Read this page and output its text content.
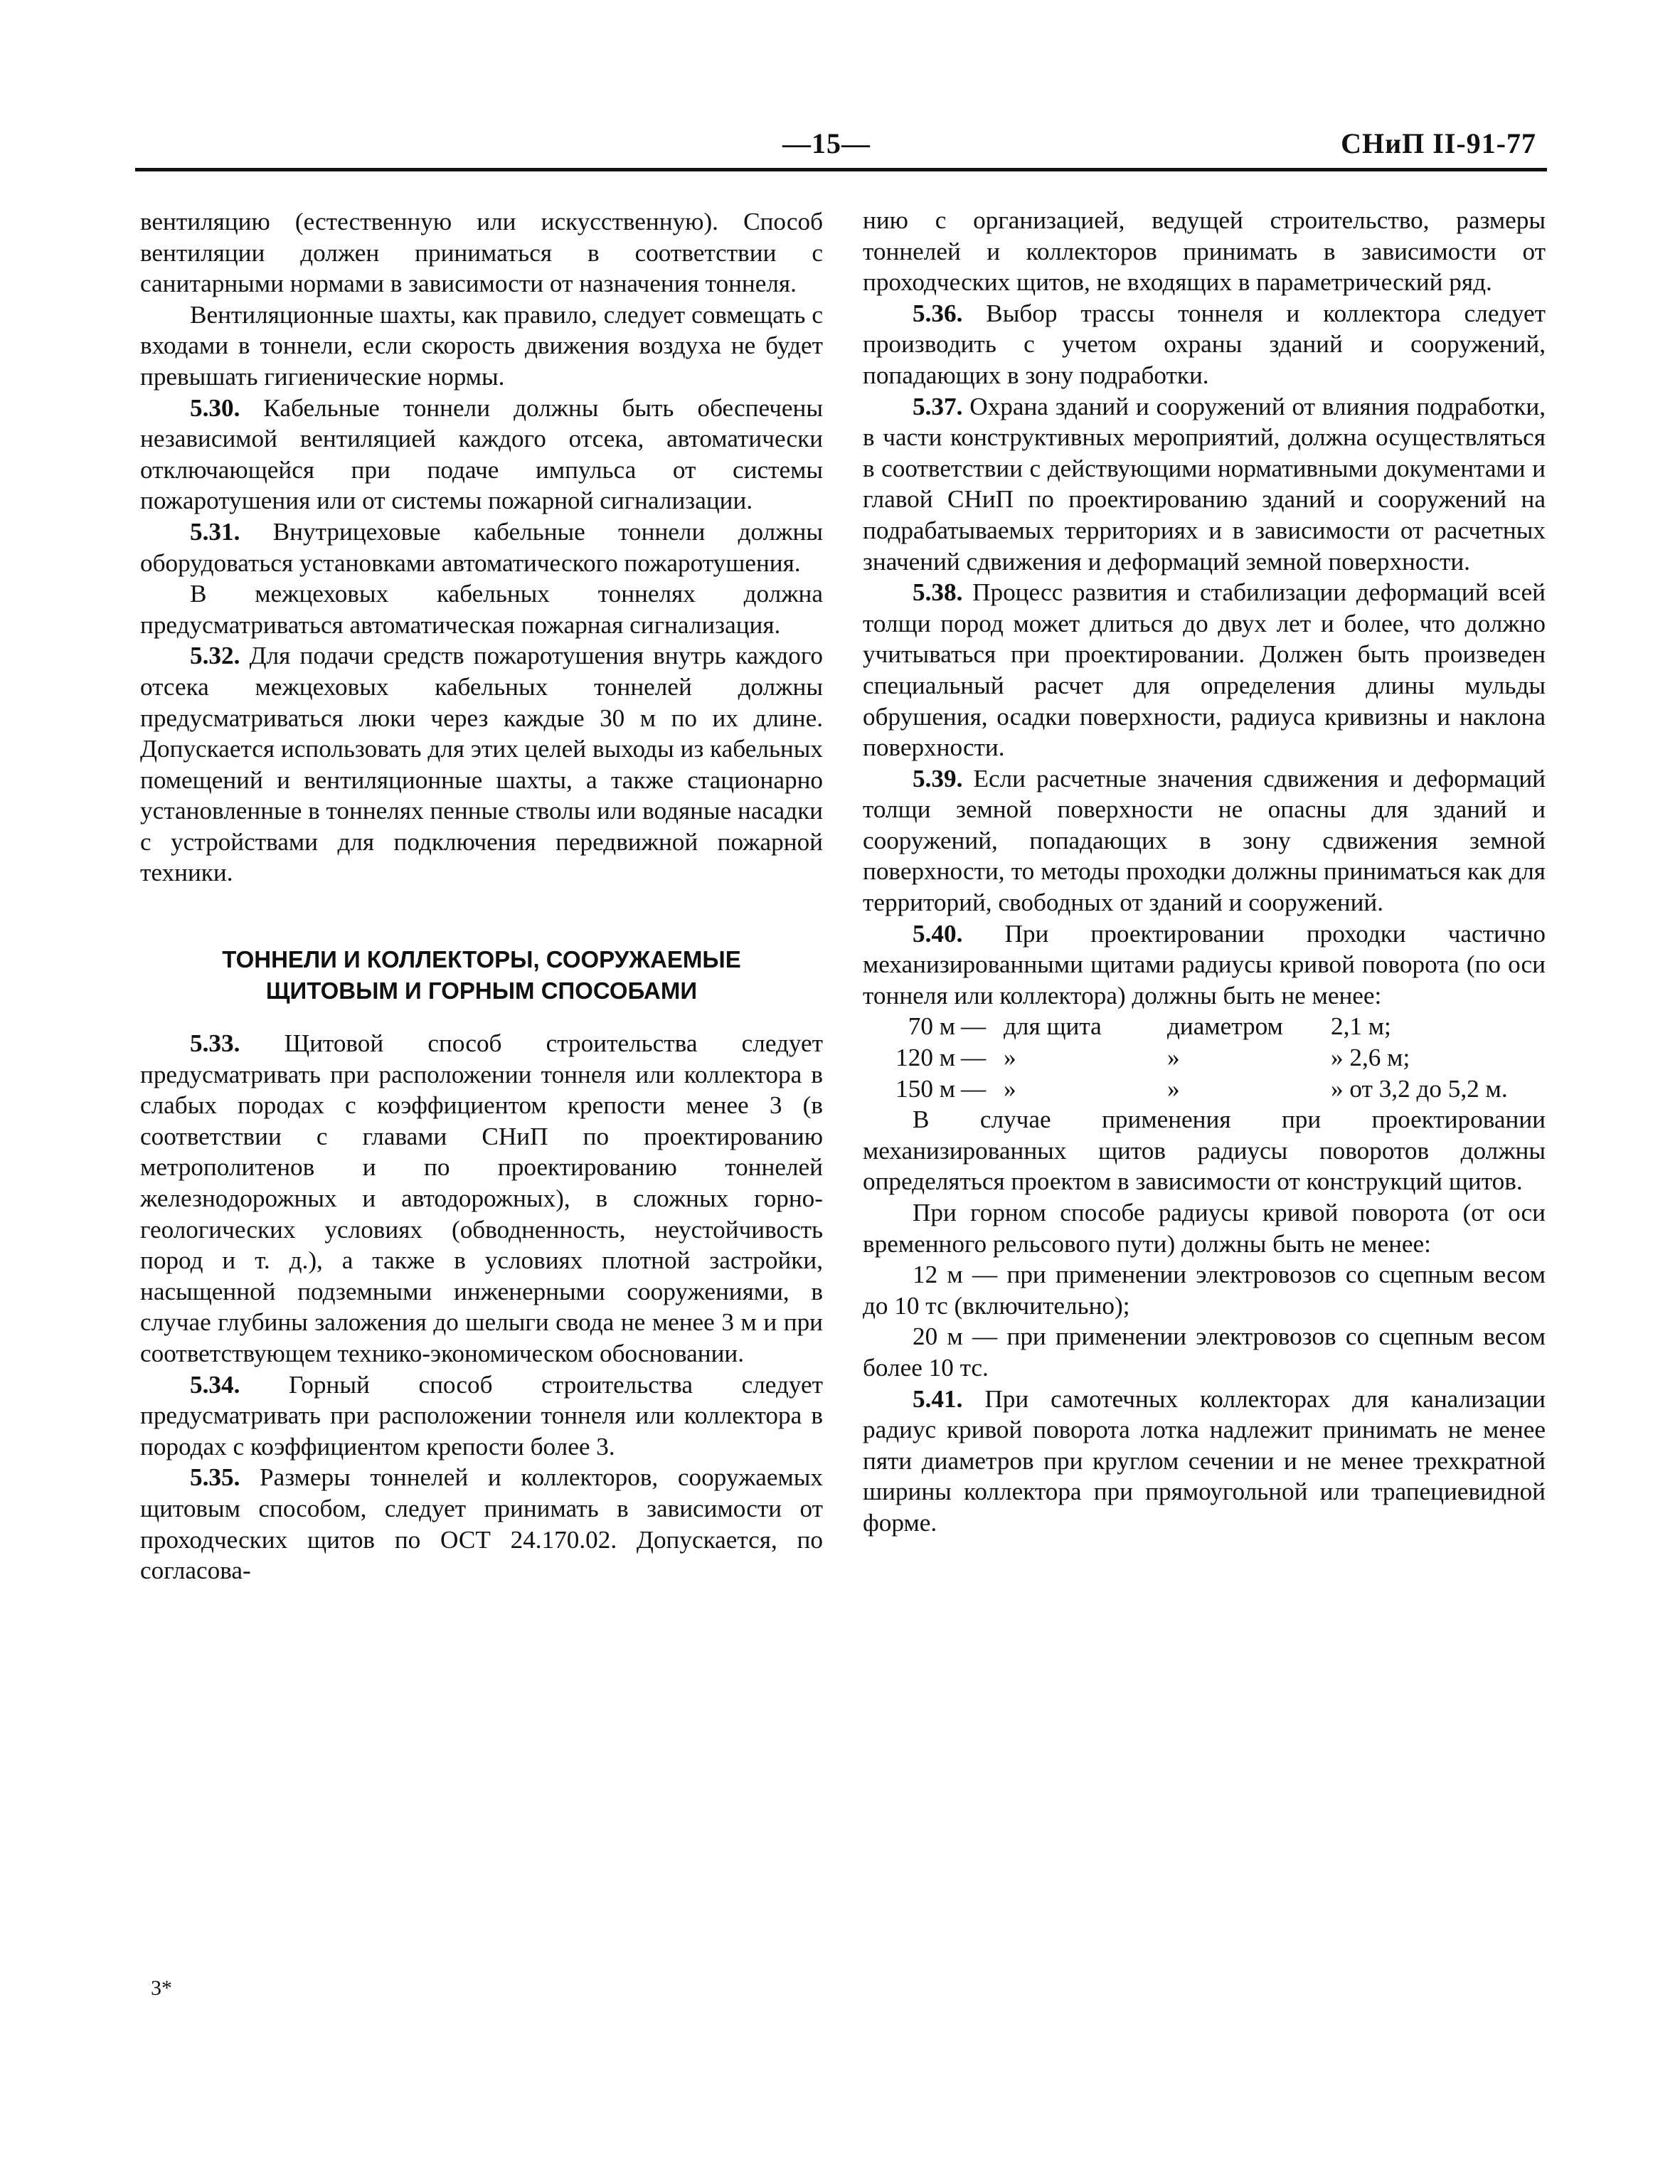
—15—	СНиП II-91-77

вентиляцию (естественную или искусственную). Способ вентиляции должен приниматься в соответствии с санитарными нормами в зависимости от назначения тоннеля.

Вентиляционные шахты, как правило, следует совмещать с входами в тоннели, если скорость движения воздуха не будет превышать гигиенические нормы.

5.30. Кабельные тоннели должны быть обеспечены независимой вентиляцией каждого отсека, автоматически отключающейся при подаче импульса от системы пожаротушения или от системы пожарной сигнализации.

5.31. Внутрицеховые кабельные тоннели должны оборудоваться установками автоматического пожаротушения.

В межцеховых кабельных тоннелях должна предусматриваться автоматическая пожарная сигнализация.

5.32. Для подачи средств пожаротушения внутрь каждого отсека межцеховых кабельных тоннелей должны предусматриваться люки через каждые 30 м по их длине. Допускается использовать для этих целей выходы из кабельных помещений и вентиляционные шахты, а также стационарно установленные в тоннелях пенные стволы или водяные насадки с устройствами для подключения передвижной пожарной техники.

ТОННЕЛИ И КОЛЛЕКТОРЫ, СООРУЖАЕМЫЕ
ЩИТОВЫМ И ГОРНЫМ СПОСОБАМИ

5.33. Щитовой способ строительства следует предусматривать при расположении тоннеля или коллектора в слабых породах с коэффициентом крепости менее 3 (в соответствии с главами СНиП по проектированию метрополитенов и по проектированию тоннелей железнодорожных и автодорожных), в сложных горно-геологических условиях (обводненность, неустойчивость пород и т. д.), а также в условиях плотной застройки, насыщенной подземными инженерными сооружениями, в случае глубины заложения до шелыги свода не менее 3 м и при соответствующем технико-экономическом обосновании.

5.34. Горный способ строительства следует предусматривать при расположении тоннеля или коллектора в породах с коэффициентом крепости более 3.

5.35. Размеры тоннелей и коллекторов, сооружаемых щитовым способом, следует принимать в зависимости от проходческих щитов по ОСТ 24.170.02. Допускается, по согласова-

3*

нию с организацией, ведущей строительство, размеры тоннелей и коллекторов принимать в зависимости от проходческих щитов, не входящих в параметрический ряд.

5.36. Выбор трассы тоннеля и коллектора следует производить с учетом охраны зданий и сооружений, попадающих в зону подработки.

5.37. Охрана зданий и сооружений от влияния подработки, в части конструктивных мероприятий, должна осуществляться в соответствии с действующими нормативными документами и главой СНиП по проектированию зданий и сооружений на подрабатываемых территориях и в зависимости от расчетных значений сдвижения и деформаций земной поверхности.

5.38. Процесс развития и стабилизации деформаций всей толщи пород может длиться до двух лет и более, что должно учитываться при проектировании. Должен быть произведен специальный расчет для определения длины мульды обрушения, осадки поверхности, радиуса кривизны и наклона поверхности.

5.39. Если расчетные значения сдвижения и деформаций толщи земной поверхности не опасны для зданий и сооружений, попадающих в зону сдвижения земной поверхности, то методы проходки должны приниматься как для территорий, свободных от зданий и сооружений.

5.40. При проектировании проходки частично механизированными щитами радиусы кривой поворота (по оси тоннеля или коллектора) должны быть не менее:

70 м	—	для щита	диаметром	2,1 м;
120 м	—	»	»	» 2,6 м;
150 м	—	»	»	» от 3,2 до 5,2 м.

В случае применения при проектировании механизированных щитов радиусы поворотов должны определяться проектом в зависимости от конструкций щитов.

При горном способе радиусы кривой поворота (от оси временного рельсового пути) должны быть не менее:

12 м — при применении электровозов со сцепным весом до 10 тс (включительно);

20 м — при применении электровозов со сцепным весом более 10 тс.

5.41. При самотечных коллекторах для канализации радиус кривой поворота лотка надлежит принимать не менее пяти диаметров при круглом сечении и не менее трехкратной ширины коллектора при прямоугольной или трапециевидной форме.
